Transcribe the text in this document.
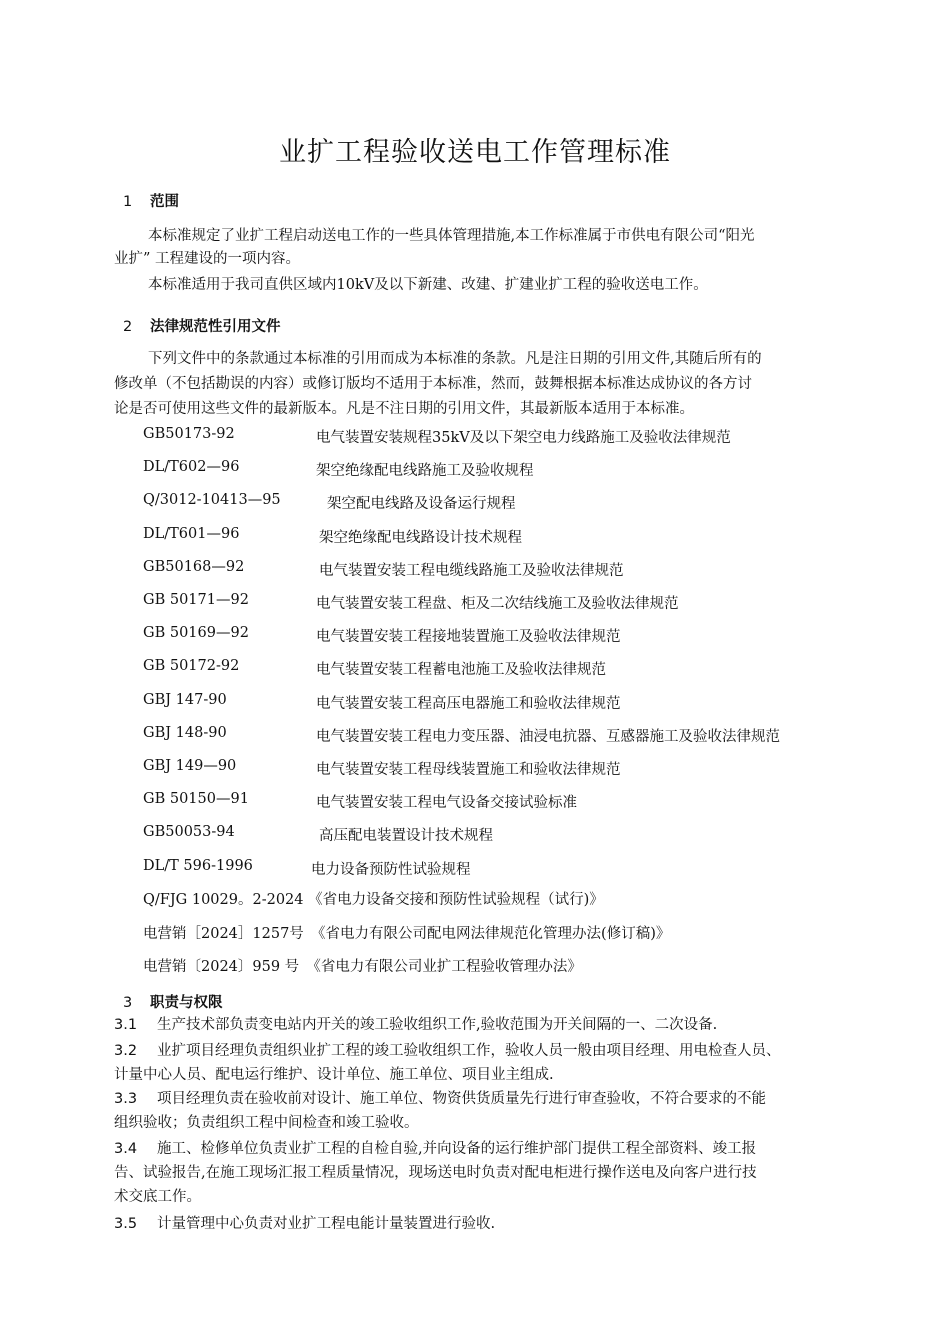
业扩工程验收送电工作管理标准
1 范围
本标准规定了业扩工程启动送电工作的一些具体管理措施,本工作标准属于市供电有限公司“阳光
业扩” 工程建设的一项内容。
本标准适用于我司直供区域内10kV及以下新建、改建、扩建业扩工程的验收送电工作。
2 法律规范性引用文件
下列文件中的条款通过本标准的引用而成为本标准的条款。凡是注日期的引用文件,其随后所有的
修改单（不包括勘误的内容）或修订版均不适用于本标准，然而，鼓舞根据本标准达成协议的各方讨
论是否可使用这些文件的最新版本。凡是不注日期的引用文件，其最新版本适用于本标准。
GB50173-92	电气装置安装规程35kV及以下架空电力线路施工及验收法律规范
DL/T602—96	架空绝缘配电线路施工及验收规程
Q/3012-10413—95	架空配电线路及设备运行规程
DL/T601—96	架空绝缘配电线路设计技术规程
GB50168—92	电气装置安装工程电缆线路施工及验收法律规范
GB 50171—92	电气装置安装工程盘、柜及二次结线施工及验收法律规范
GB 50169—92	电气装置安装工程接地装置施工及验收法律规范
GB 50172-92	电气装置安装工程蓄电池施工及验收法律规范
GBJ 147-90	电气装置安装工程高压电器施工和验收法律规范
GBJ 148-90	电气装置安装工程电力变压器、油浸电抗器、互感器施工及验收法律规范
GBJ 149—90	电气装置安装工程母线装置施工和验收法律规范
GB 50150—91	电气装置安装工程电气设备交接试验标准
GB50053-94	高压配电装置设计技术规程
DL/T 596-1996	电力设备预防性试验规程
Q/FJG 10029。2-2024 《省电力设备交接和预防性试验规程（试行)》
电营销［2024］1257号　《省电力有限公司配电网法律规范化管理办法(修订稿)》
电营销〔2024〕959 号　《省电力有限公司业扩工程验收管理办法》
3 职责与权限
3.1 生产技术部负责变电站内开关的竣工验收组织工作,验收范围为开关间隔的一、二次设备.
3.2 业扩项目经理负责组织业扩工程的竣工验收组织工作，验收人员一般由项目经理、用电检查人员、
计量中心人员、配电运行维护、设计单位、施工单位、项目业主组成.
3.3 项目经理负责在验收前对设计、施工单位、物资供货质量先行进行审查验收，不符合要求的不能
组织验收；负责组织工程中间检查和竣工验收。
3.4 施工、检修单位负责业扩工程的自检自验,并向设备的运行维护部门提供工程全部资料、竣工报
告、试验报告,在施工现场汇报工程质量情况，现场送电时负责对配电柜进行操作送电及向客户进行技
术交底工作。
3.5 计量管理中心负责对业扩工程电能计量装置进行验收.
